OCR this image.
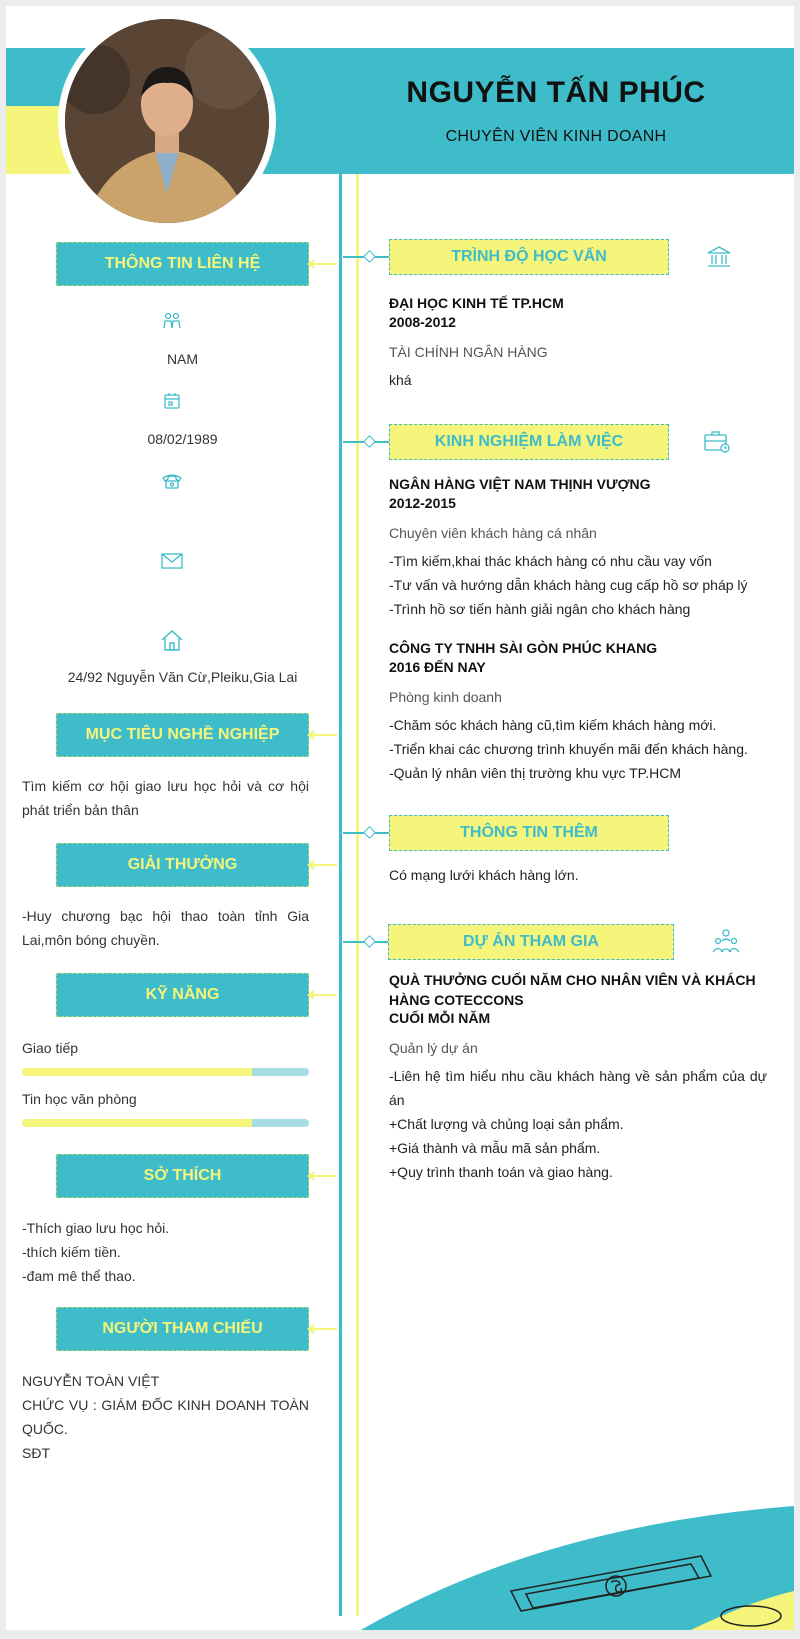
NGUYỄN TẤN PHÚC
CHUYÊN VIÊN KINH DOANH
THÔNG TIN LIÊN HỆ
NAM
08/02/1989
24/92 Nguyễn Văn Cừ,Pleiku,Gia Lai
MỤC TIÊU NGHỀ NGHIỆP
Tìm kiếm cơ hội giao lưu học hỏi và cơ hội phát triển bản thân
GIẢI THƯỞNG
-Huy chương bạc hội thao toàn tỉnh Gia Lai,môn bóng chuyền.
KỸ NĂNG
Giao tiếp
Tin học văn phòng
SỞ THÍCH
-Thích giao lưu học hỏi.
-thích kiếm tiền.
-đam mê thể thao.
NGƯỜI THAM CHIẾU
NGUYỄN TOÀN VIỆT
CHỨC VỤ : GIÁM ĐỐC KINH DOANH TOÀN QUỐC.
SĐT
TRÌNH ĐỘ HỌC VẤN
ĐẠI HỌC KINH TẾ TP.HCM
2008-2012
TÀI CHÍNH NGÂN HÀNG
khá
KINH NGHIỆM LÀM VIỆC
NGÂN HÀNG VIỆT NAM THỊNH VƯỢNG
2012-2015
Chuyên viên khách hàng cá nhân
-Tìm kiếm,khai thác khách hàng có nhu cầu vay vốn
-Tư vấn và hướng dẫn khách hàng cug cấp hồ sơ pháp lý
-Trình hồ sơ tiến hành giải ngân cho khách hàng
CÔNG TY TNHH SÀI GÒN PHÚC KHANG
2016 ĐẾN NAY
Phòng kinh doanh
-Chăm sóc khách hàng cũ,tìm kiếm khách hàng mới.
-Triển khai các chương trình khuyến mãi đến khách hàng.
-Quản lý nhân viên thị trường khu vực TP.HCM
THÔNG TIN THÊM
Có mạng lưới khách hàng lớn.
DỰ ÁN THAM GIA
QUÀ THƯỞNG CUỐI NĂM CHO NHÂN VIÊN VÀ KHÁCH HÀNG COTECCONS
CUỐI MỖI NĂM
Quản lý dự án
-Liên hệ tìm hiểu nhu cầu khách hàng về sản phẩm của dự án
+Chất lượng và chủng loại sản phẩm.
+Giá thành và mẫu mã sản phẩm.
+Quy trình thanh toán và giao hàng.
